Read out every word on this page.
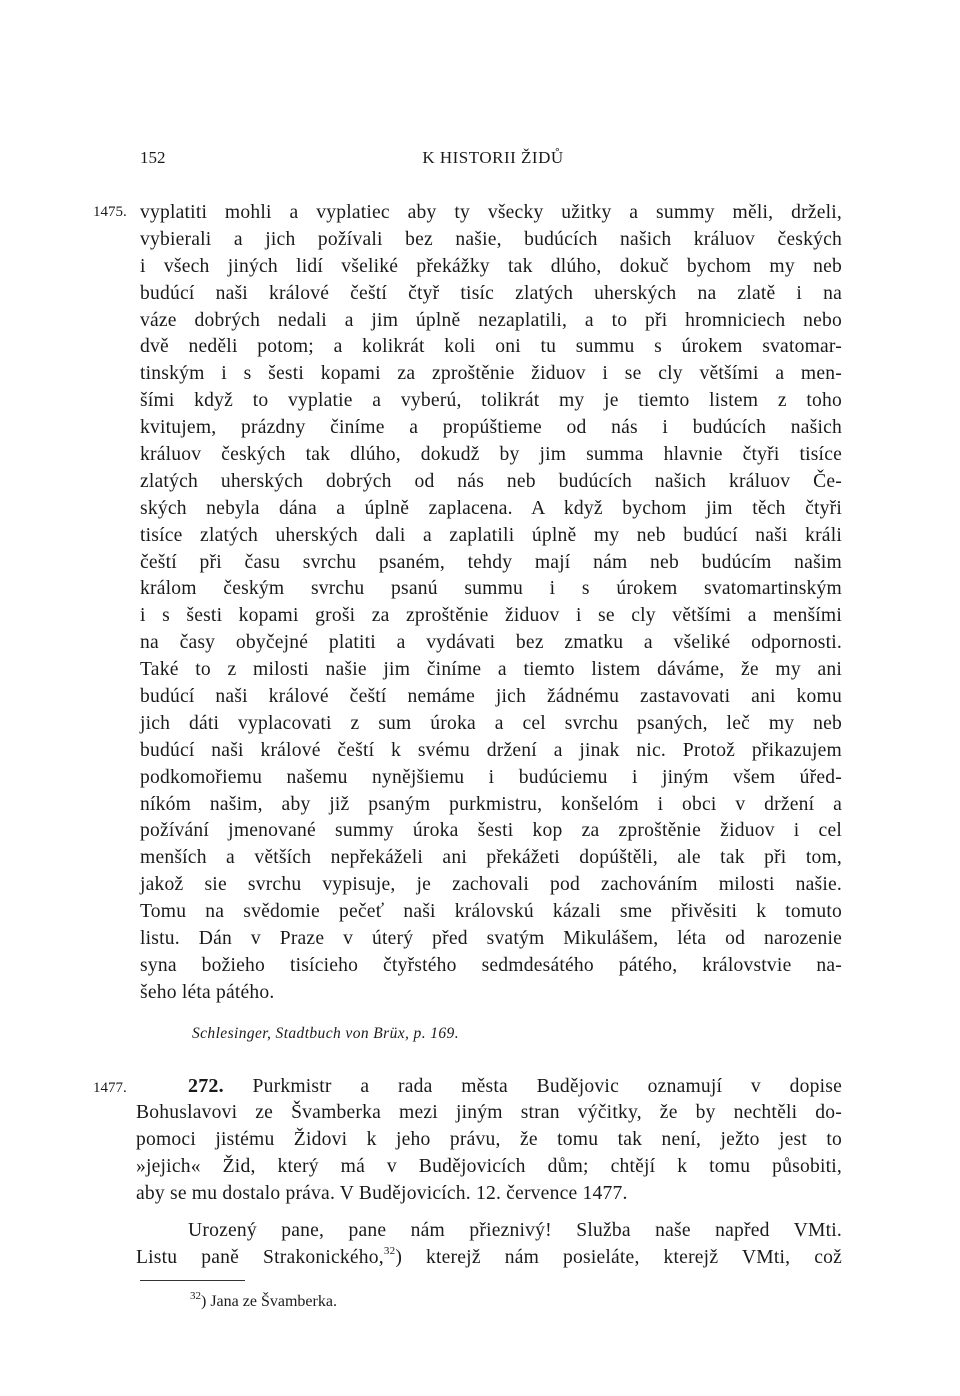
152	K HISTORII ŽIDŮ
1475. vyplatiti mohli a vyplatiec aby ty všecky užitky a summy měli, drželi,
vybierali a jich požívali bez našie, budúcích našich králuov českých
i všech jiných lidí všeliké překážky tak dlúho, dokuč bychom my neb
budúcí naši králové čeští čtyř tisíc zlatých uherských na zlatě i na
váze dobrých nedali a jim úplně nezaplatili, a to při hromniciech nebo
dvě neděli potom; a kolikrát koli oni tu summu s úrokem svatomar-
tinským i s šesti kopami za zproštěnie židuov i se cly většími a men-
šími když to vyplatie a vyberú, tolikrát my je tiemto listem z toho
kvitujem, prázdny činíme a propúštieme od nás i budúcích našich
králuov českých tak dlúho, dokudž by jim summa hlavnie čtyři tisíce
zlatých uherských dobrých od nás neb budúcích našich králuov Če-
ských nebyla dána a úplně zaplacena. A když bychom jim těch čtyři
tisíce zlatých uherských dali a zaplatili úplně my neb budúcí naši králi
čeští při času svrchu psaném, tehdy mají nám neb budúcím našim
králom českým svrchu psanú summu i s úrokem svatomartinským
i s šesti kopami groši za zproštěnie židuov i se cly většími a menšími
na časy obyčejné platiti a vydávati bez zmatku a všeliké odpornosti.
Také to z milosti našie jim činíme a tiemto listem dáváme, že my ani
budúcí naši králové čeští nemáme jich žádnému zastavovati ani komu
jich dáti vyplacovati z sum úroka a cel svrchu psaných, leč my neb
budúcí naši králové čeští k svému držení a jinak nic. Protož přikazujem
podkomořiemu našemu nynějšiemu i budúciemu i jiným všem úřed-
níkóm našim, aby již psaným purkmistru, konšelóm i obci v držení a
požívání jmenované summy úroka šesti kop za zproštěnie židuov i cel
menších a větších nepřekáželi ani překážeti dopúštěli, ale tak při tom,
jakož sie svrchu vypisuje, je zachovali pod zachováním milosti našie.
Tomu na svědomie pečeť naši královskú kázali sme přivěsiti k tomuto
listu. Dán v Praze v úterý před svatým Mikulášem, léta od narozenie
syna božieho tisícieho čtyřstého sedmdesátého pátého, královstvie na-
šeho léta pátého.
Schlesinger, Stadtbuch von Brüx, p. 169.
1477.	272. Purkmistr a rada města Budějovic oznamují v dopise
Bohuslavovi ze Švamberka mezi jiným stran výčitky, že by nechtěli do-
pomoci jistému Židovi k jeho právu, že tomu tak není, ježto jest to
»jejich« Žid, který má v Budějovicích dům; chtějí k tomu působiti,
aby se mu dostalo práva. V Budějovicích. 12. července 1477.
Urozený pane, pane nám přieznivý! Služba naše napřed VMti.
Listu paně Strakonického,$^{32}$) kterejž nám posieláte, kterejž VMti, což
$^{32}$) Jana ze Švamberka.
